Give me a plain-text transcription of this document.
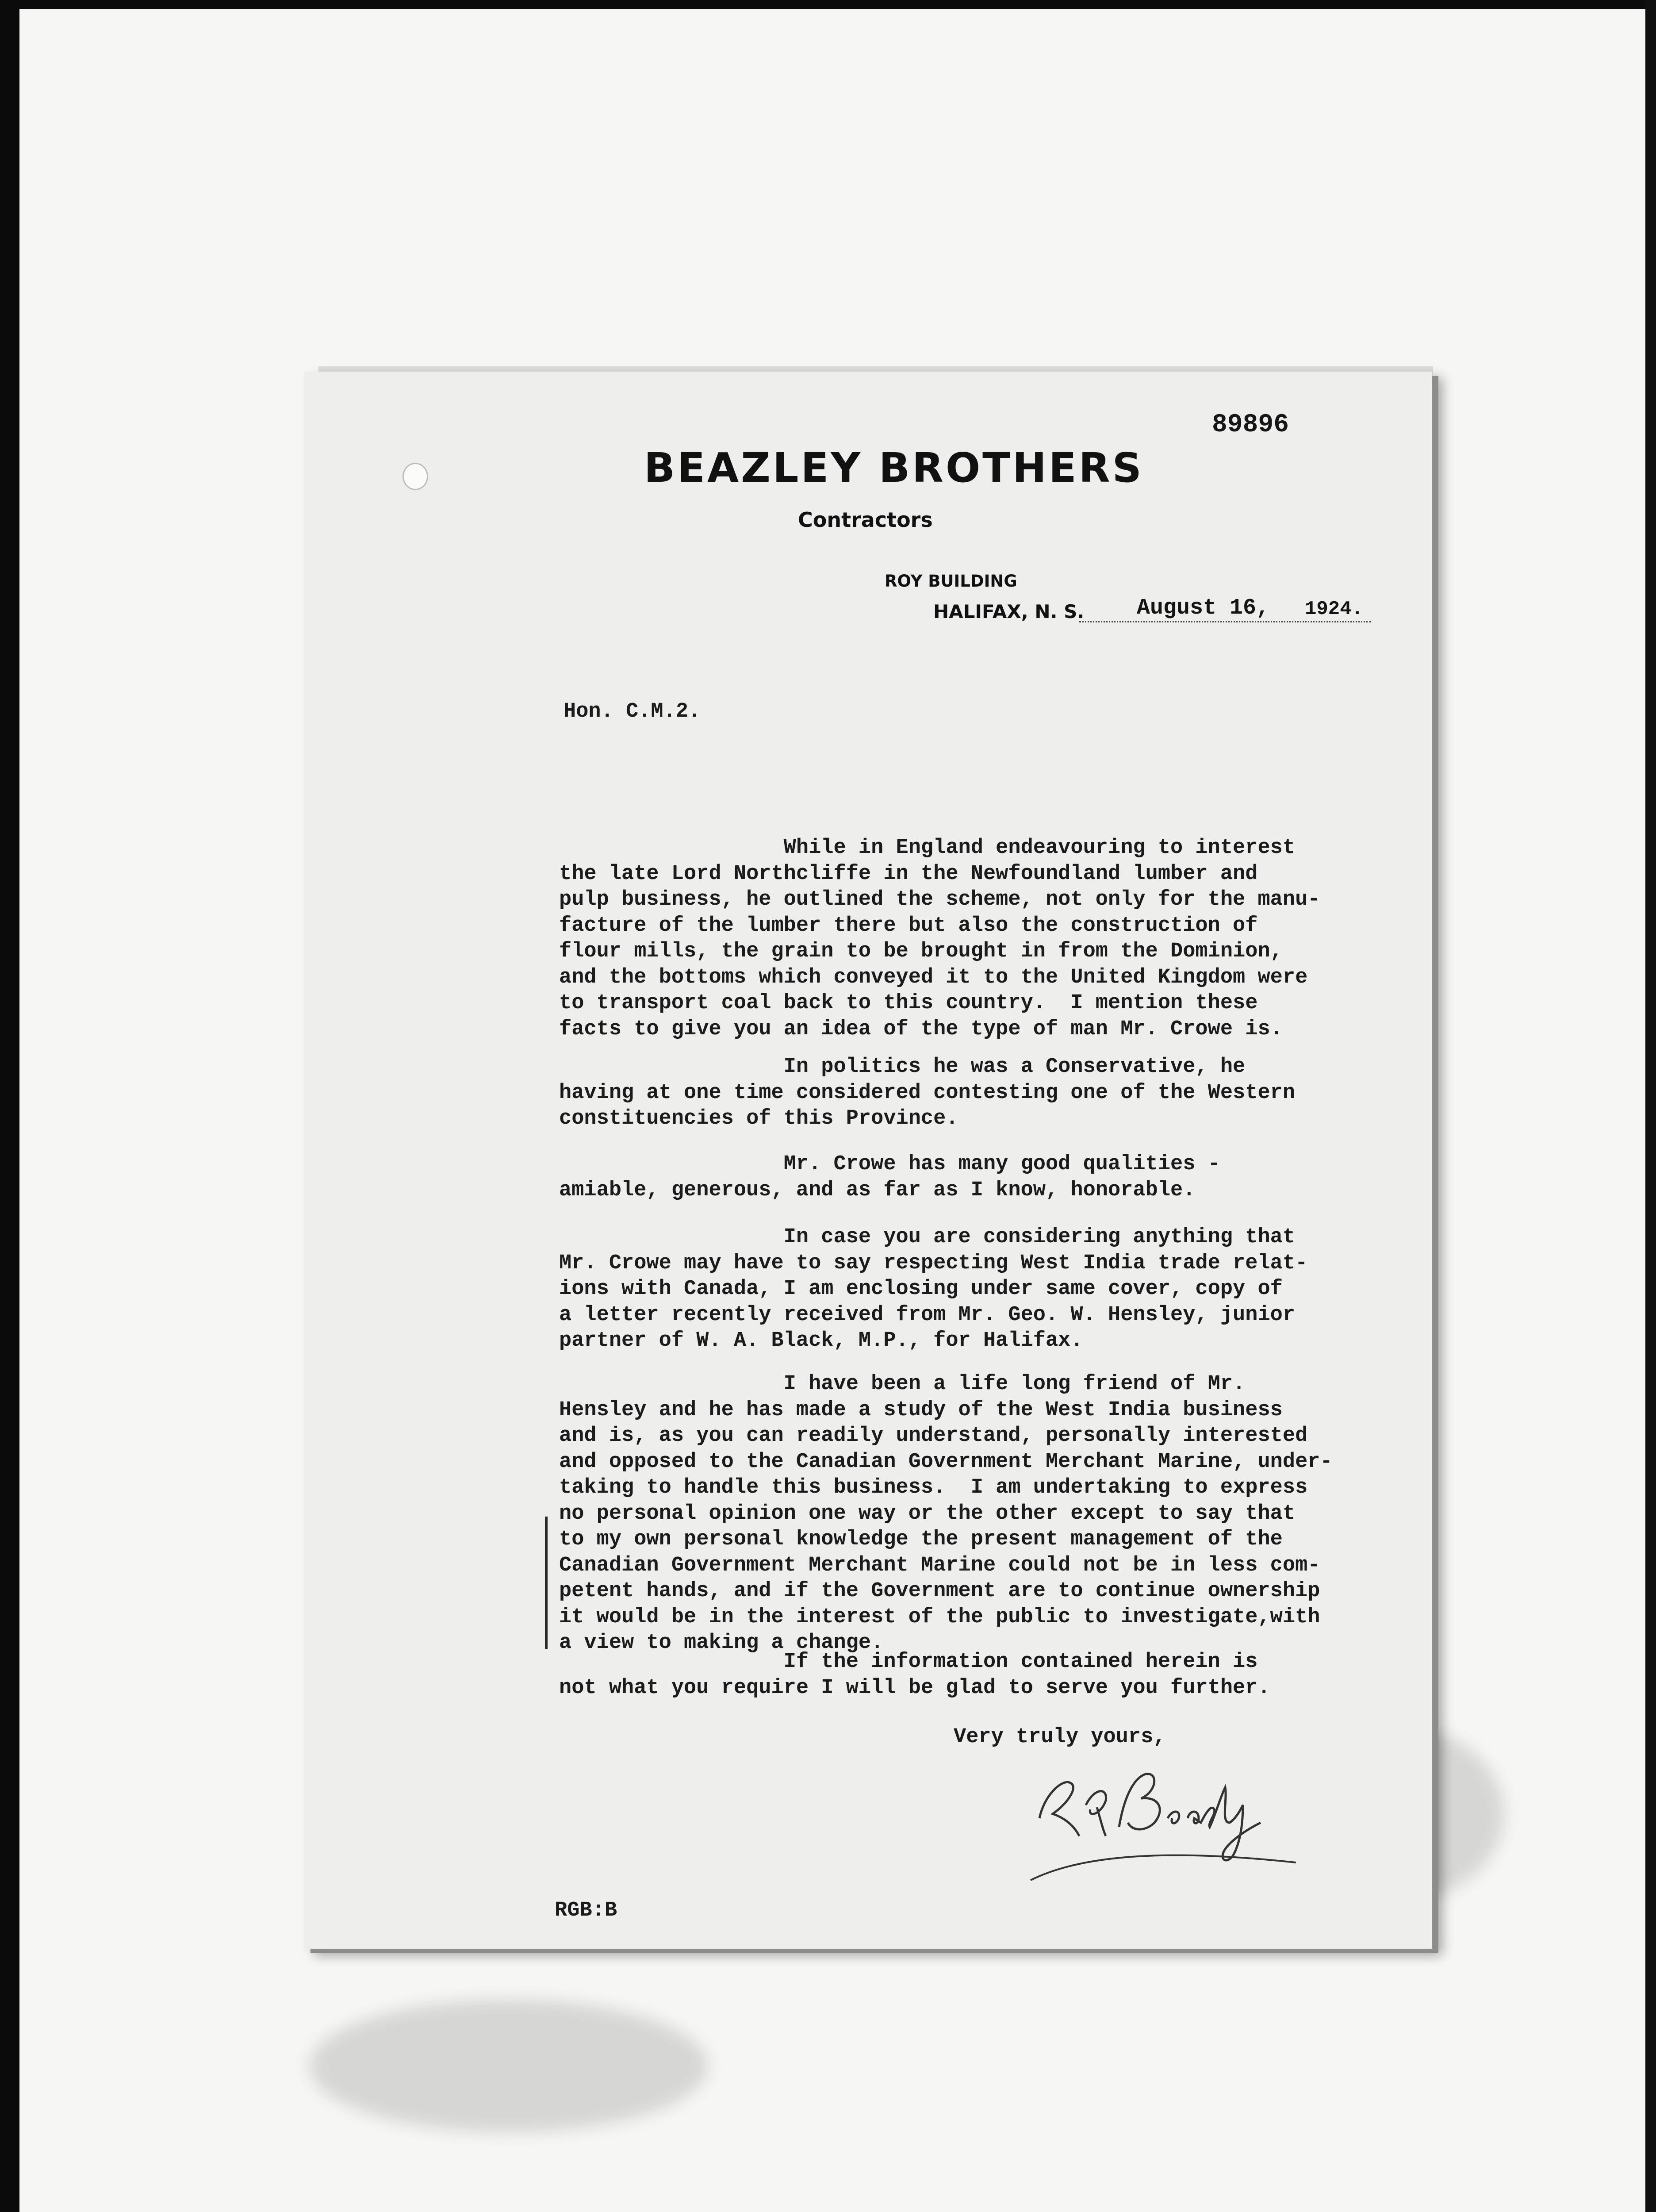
89896
BEAZLEY BROTHERS
Contractors
ROY BUILDING
HALIFAX, N. S. August 16, 1924.
Hon. C.M.2.
While in England endeavouring to interest
the late Lord Northcliffe in the Newfoundland lumber and
pulp business, he outlined the scheme, not only for the manu-
facture of the lumber there but also the construction of
flour mills, the grain to be brought in from the Dominion,
and the bottoms which conveyed it to the United Kingdom were
to transport coal back to this country.  I mention these
facts to give you an idea of the type of man Mr. Crowe is.
In politics he was a Conservative, he
having at one time considered contesting one of the Western
constituencies of this Province.
Mr. Crowe has many good qualities -
amiable, generous, and as far as I know, honorable.
In case you are considering anything that
Mr. Crowe may have to say respecting West India trade relat-
ions with Canada, I am enclosing under same cover, copy of
a letter recently received from Mr. Geo. W. Hensley, junior
partner of W. A. Black, M.P., for Halifax.
I have been a life long friend of Mr.
Hensley and he has made a study of the West India business
and is, as you can readily understand, personally interested
and opposed to the Canadian Government Merchant Marine, under-
taking to handle this business.  I am undertaking to express
no personal opinion one way or the other except to say that
to my own personal knowledge the present management of the
Canadian Government Merchant Marine could not be in less com-
petent hands, and if the Government are to continue ownership
it would be in the interest of the public to investigate,with
a view to making a change.
If the information contained herein is
not what you require I will be glad to serve you further.
Very truly yours,
RGB:B
